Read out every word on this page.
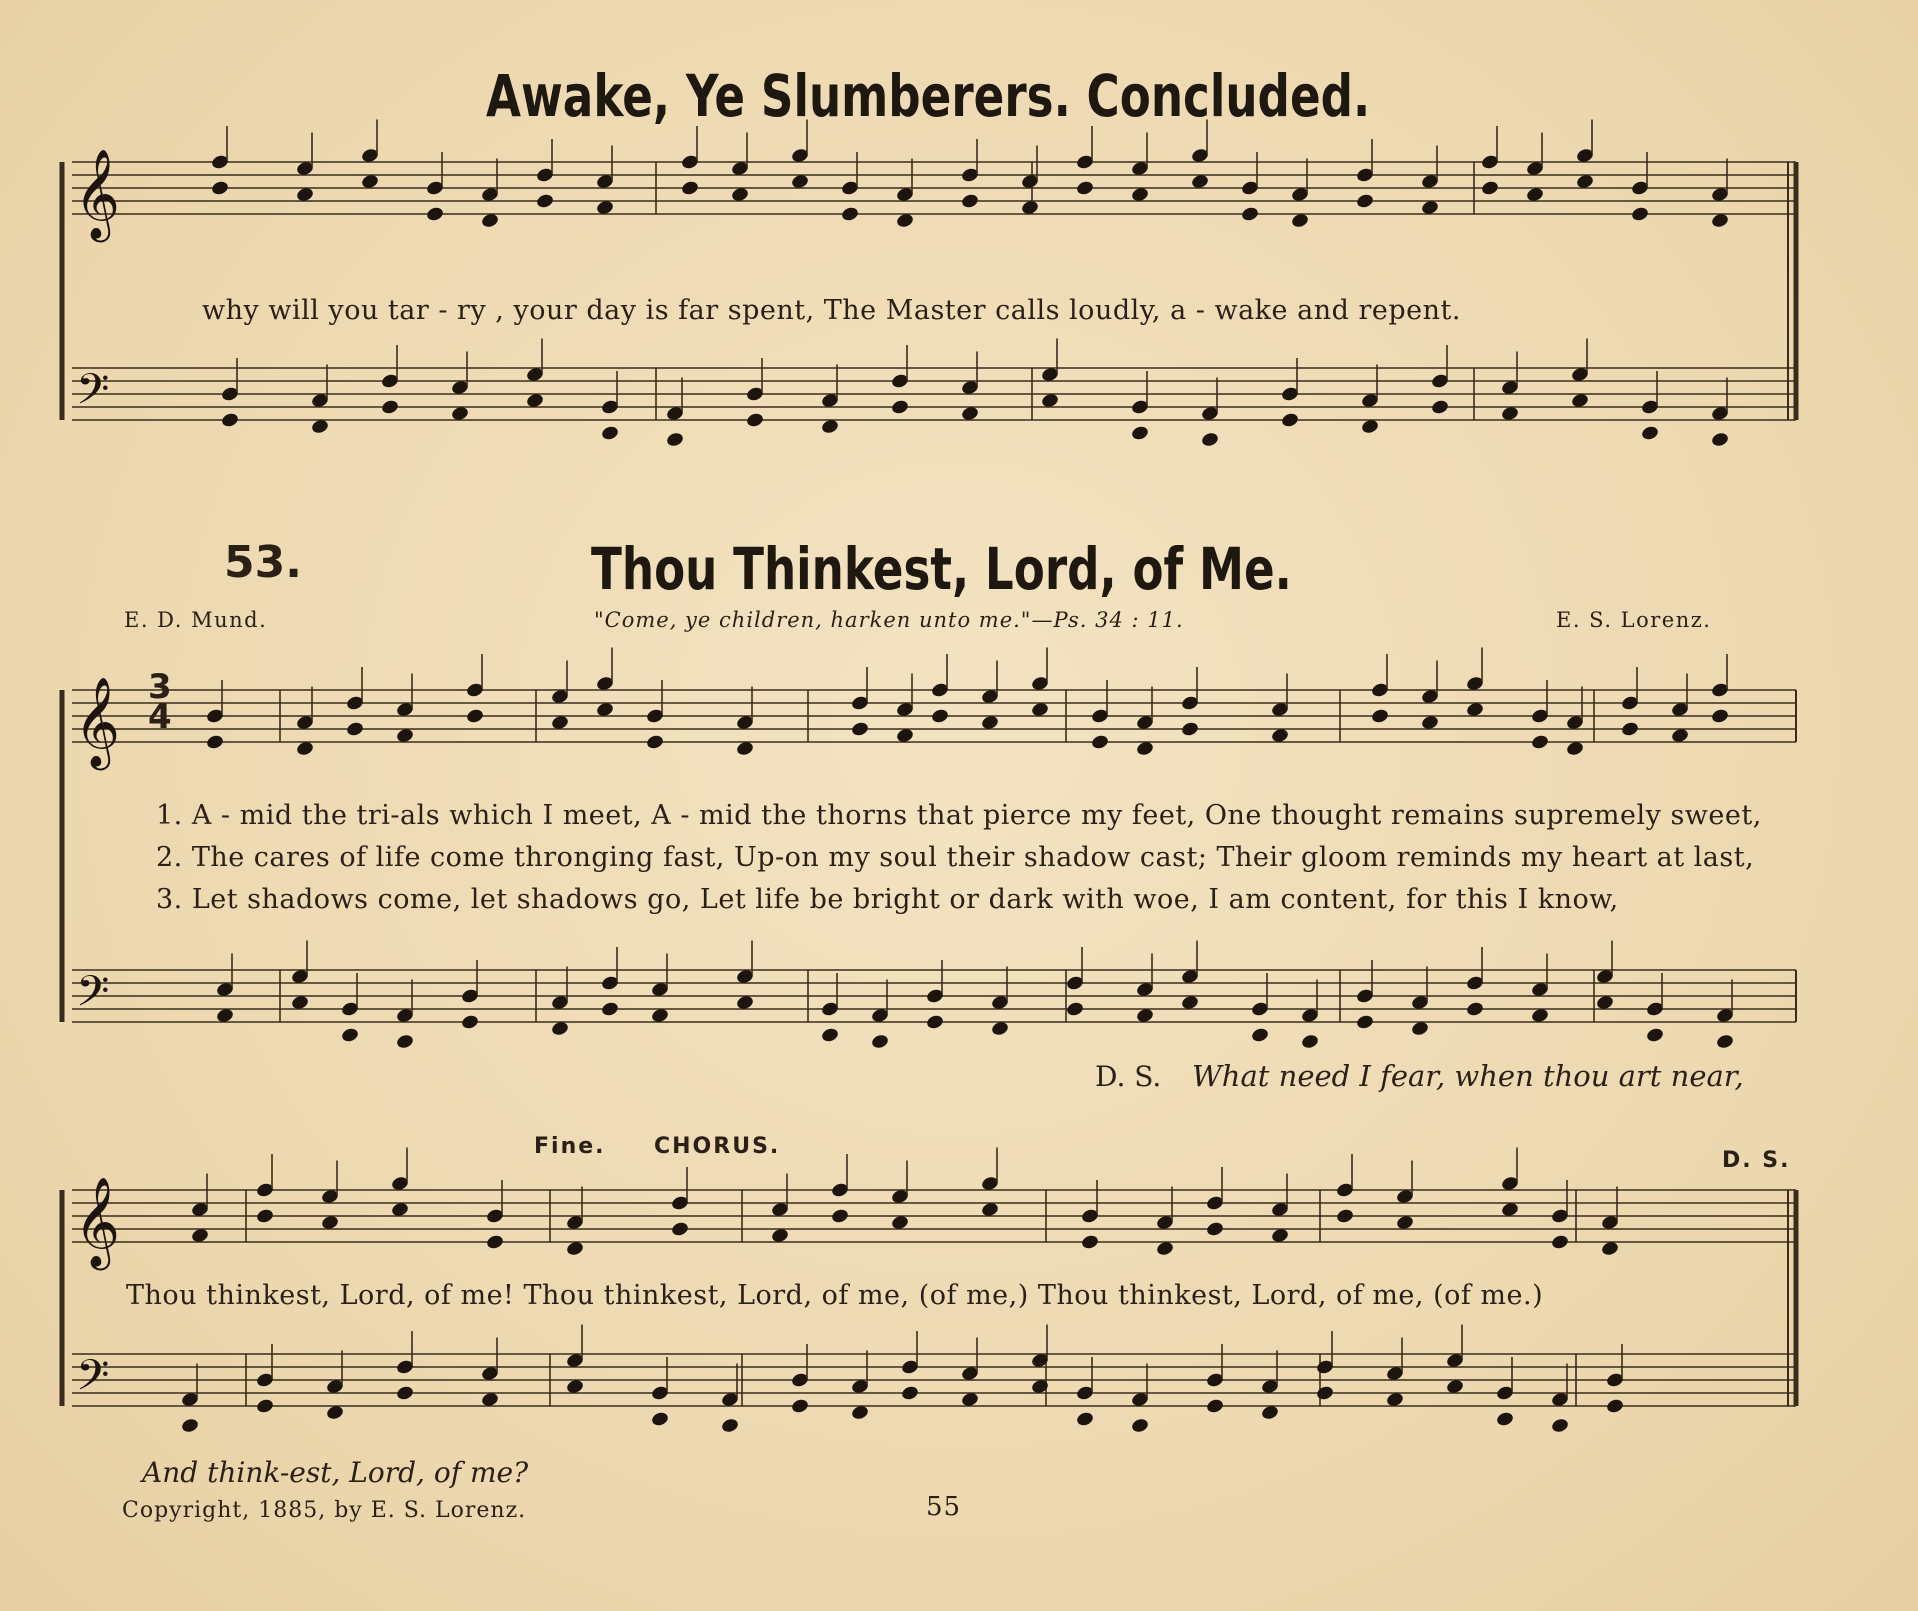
𝄞
𝄞
𝄞
𝄢
𝄢
𝄢
Awake, Ye Slumberers. Concluded.
why will you tar - ry , your day is far spent, The Master calls loudly, a - wake and repent.
53.	Thou Thinkest, Lord, of Me.
E. D. Mund.	"Come, ye children, harken unto me."—Ps. 34 : 11.	E. S. Lorenz.
3
4
1. A - mid the tri-als which I meet, A - mid the thorns that pierce my feet, One thought remains supremely sweet,
2. The cares of life come thronging fast, Up-on my soul their shadow cast; Their gloom reminds my heart at last,
3. Let shadows come, let shadows go, Let life be bright or dark with woe, I am content, for this I know,
D. S. What need I fear, when thou art near,
Fine. CHORUS.
D. S.
Thou thinkest, Lord, of me! Thou thinkest, Lord, of me, (of me,) Thou thinkest, Lord, of me, (of me.)
And think-est, Lord, of me?
Copyright, 1885, by E. S. Lorenz.	55
